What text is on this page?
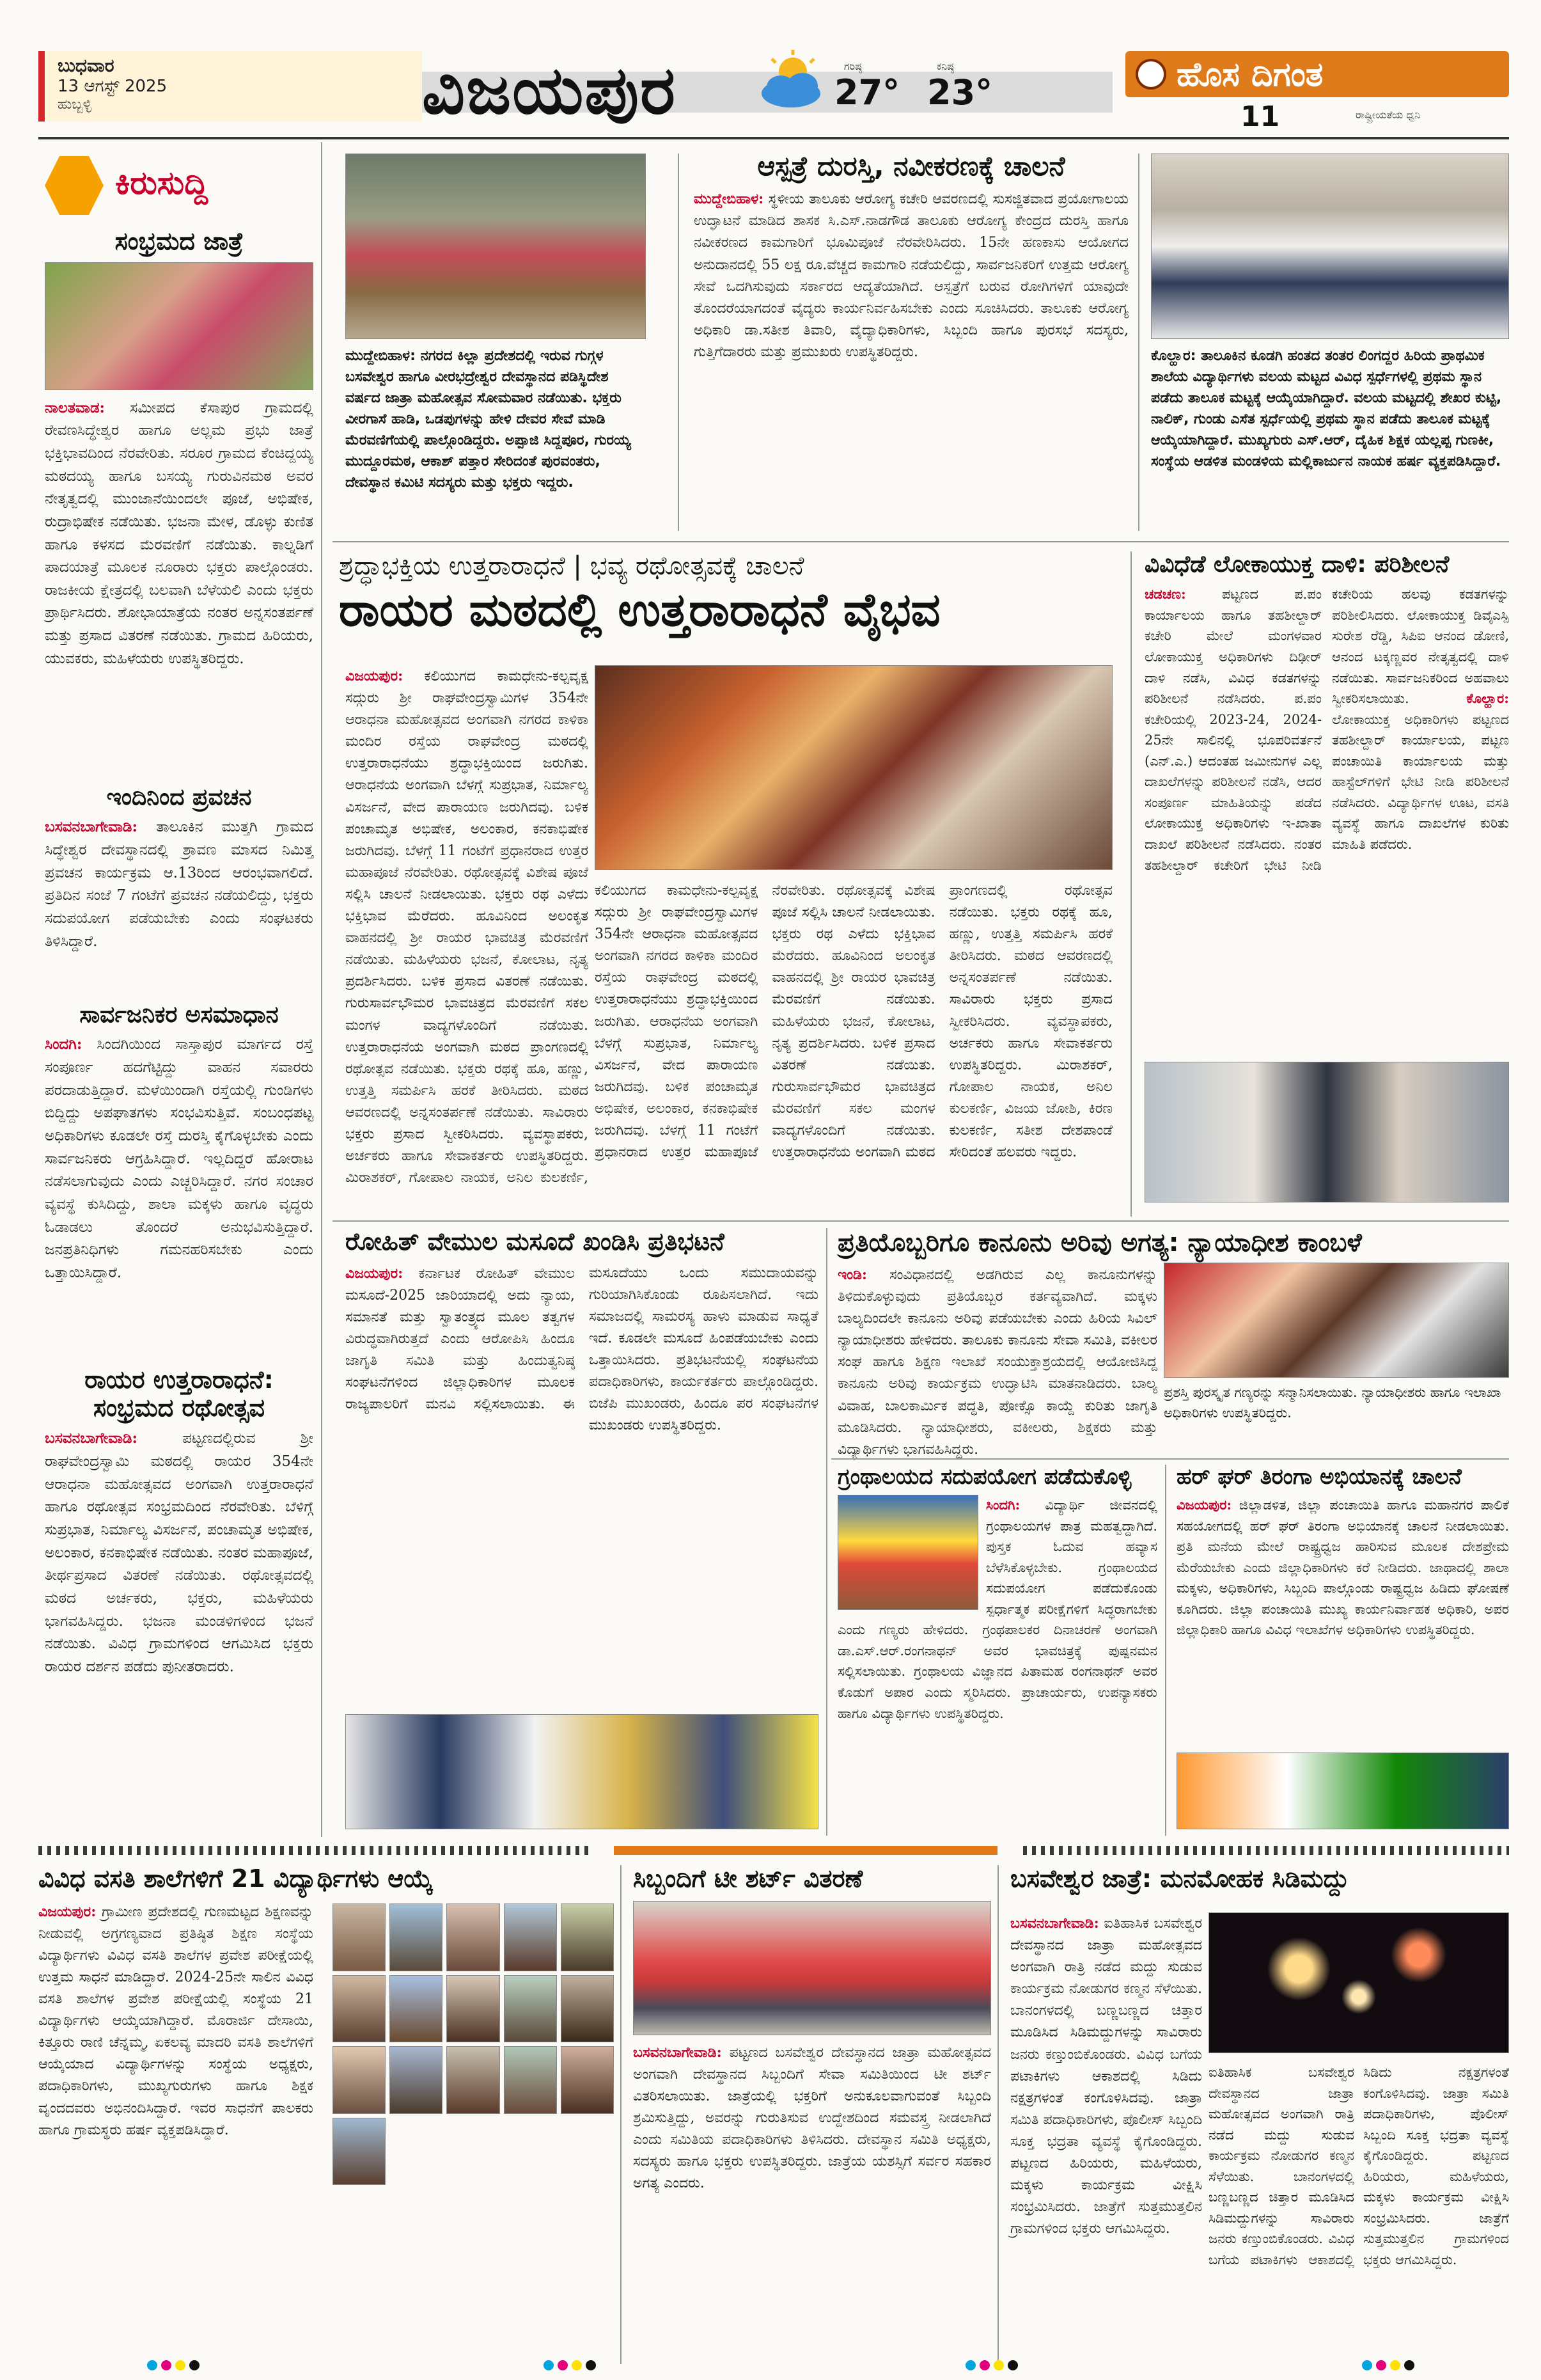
ಬುಧವಾರ
13 ಆಗಸ್ಟ್ 2025
ಹುಬ್ಬಳ್ಳಿ	ವಿಜಯಪುರ	ಗರಿಷ್ಠ
27°
ಕನಿಷ್ಠ
23°	ಹೊಸ ದಿಗಂತ
11	ರಾಷ್ಟ್ರೀಯತೆಯ ಧ್ವನಿ
ಕಿರುಸುದ್ದಿ
ಸಂಭ್ರಮದ ಜಾತ್ರೆ
ನಾಲತವಾಡ: ಸಮೀಪದ ಕೆಸಾಪುರ ಗ್ರಾಮದಲ್ಲಿ ರೇವಣಸಿದ್ಧೇಶ್ವರ ಹಾಗೂ ಅಲ್ಲಮ ಪ್ರಭು ಜಾತ್ರೆ ಭಕ್ತಿಭಾವದಿಂದ ನೆರವೇರಿತು. ಸರೂರ ಗ್ರಾಮದ ಕೆಂಚಿದ್ದಯ್ಯ ಮಠದಯ್ಯ ಹಾಗೂ ಬಸಯ್ಯ ಗುರುವಿನಮಠ ಅವರ ನೇತೃತ್ವದಲ್ಲಿ ಮುಂಜಾನೆಯಿಂದಲೇ ಪೂಜೆ, ಅಭಿಷೇಕ, ರುದ್ರಾಭಿಷೇಕ ನಡೆಯಿತು. ಭಜನಾ ಮೇಳ, ಡೊಳ್ಳು ಕುಣಿತ ಹಾಗೂ ಕಳಸದ ಮೆರವಣಿಗೆ ನಡೆಯಿತು. ಕಾಲ್ನಡಿಗೆ ಪಾದಯಾತ್ರೆ ಮೂಲಕ ನೂರಾರು ಭಕ್ತರು ಪಾಲ್ಗೊಂಡರು. ರಾಜಕೀಯ ಕ್ಷೇತ್ರದಲ್ಲಿ ಬಲವಾಗಿ ಬೆಳೆಯಲಿ ಎಂದು ಭಕ್ತರು ಪ್ರಾರ್ಥಿಸಿದರು. ಶೋಭಾಯಾತ್ರೆಯ ನಂತರ ಅನ್ನಸಂತರ್ಪಣೆ ಮತ್ತು ಪ್ರಸಾದ ವಿತರಣೆ ನಡೆಯಿತು. ಗ್ರಾಮದ ಹಿರಿಯರು, ಯುವಕರು, ಮಹಿಳೆಯರು ಉಪಸ್ಥಿತರಿದ್ದರು.
ಇಂದಿನಿಂದ ಪ್ರವಚನ
ಬಸವನಬಾಗೇವಾಡಿ: ತಾಲೂಕಿನ ಮುತ್ತಗಿ ಗ್ರಾಮದ ಸಿದ್ಧೇಶ್ವರ ದೇವಸ್ಥಾನದಲ್ಲಿ ಶ್ರಾವಣ ಮಾಸದ ನಿಮಿತ್ತ ಪ್ರವಚನ ಕಾರ್ಯಕ್ರಮ ಆ.13ರಿಂದ ಆರಂಭವಾಗಲಿದೆ. ಪ್ರತಿದಿನ ಸಂಜೆ 7 ಗಂಟೆಗೆ ಪ್ರವಚನ ನಡೆಯಲಿದ್ದು, ಭಕ್ತರು ಸದುಪಯೋಗ ಪಡೆಯಬೇಕು ಎಂದು ಸಂಘಟಕರು ತಿಳಿಸಿದ್ದಾರೆ.
ಸಾರ್ವಜನಿಕರ ಅಸಮಾಧಾನ
ಸಿಂದಗಿ: ಸಿಂದಗಿಯಿಂದ ಸಾಸ್ತಾಪುರ ಮಾರ್ಗದ ರಸ್ತೆ ಸಂಪೂರ್ಣ ಹದಗೆಟ್ಟಿದ್ದು ವಾಹನ ಸವಾರರು ಪರದಾಡುತ್ತಿದ್ದಾರೆ. ಮಳೆಯಿಂದಾಗಿ ರಸ್ತೆಯಲ್ಲಿ ಗುಂಡಿಗಳು ಬಿದ್ದಿದ್ದು ಅಪಘಾತಗಳು ಸಂಭವಿಸುತ್ತಿವೆ. ಸಂಬಂಧಪಟ್ಟ ಅಧಿಕಾರಿಗಳು ಕೂಡಲೇ ರಸ್ತೆ ದುರಸ್ತಿ ಕೈಗೊಳ್ಳಬೇಕು ಎಂದು ಸಾರ್ವಜನಿಕರು ಆಗ್ರಹಿಸಿದ್ದಾರೆ. ಇಲ್ಲದಿದ್ದರೆ ಹೋರಾಟ ನಡೆಸಲಾಗುವುದು ಎಂದು ಎಚ್ಚರಿಸಿದ್ದಾರೆ. ನಗರ ಸಂಚಾರ ವ್ಯವಸ್ಥೆ ಕುಸಿದಿದ್ದು, ಶಾಲಾ ಮಕ್ಕಳು ಹಾಗೂ ವೃದ್ಧರು ಓಡಾಡಲು ತೊಂದರೆ ಅನುಭವಿಸುತ್ತಿದ್ದಾರೆ. ಜನಪ್ರತಿನಿಧಿಗಳು ಗಮನಹರಿಸಬೇಕು ಎಂದು ಒತ್ತಾಯಿಸಿದ್ದಾರೆ.
ರಾಯರ ಉತ್ತರಾರಾಧನೆ: ಸಂಭ್ರಮದ ರಥೋತ್ಸವ
ಬಸವನಬಾಗೇವಾಡಿ:	ಪಟ್ಟಣದಲ್ಲಿರುವ ಶ್ರೀ ರಾಘವೇಂದ್ರಸ್ವಾಮಿ ಮಠದಲ್ಲಿ ರಾಯರ 354ನೇ ಆರಾಧನಾ ಮಹೋತ್ಸವದ ಅಂಗವಾಗಿ ಉತ್ತರಾರಾಧನೆ ಹಾಗೂ ರಥೋತ್ಸವ ಸಂಭ್ರಮದಿಂದ ನೆರವೇರಿತು. ಬೆಳಿಗ್ಗೆ ಸುಪ್ರಭಾತ, ನಿರ್ಮಾಲ್ಯ ವಿಸರ್ಜನೆ, ಪಂಚಾಮೃತ ಅಭಿಷೇಕ, ಅಲಂಕಾರ, ಕನಕಾಭಿಷೇಕ ನಡೆಯಿತು. ನಂತರ ಮಹಾಪೂಜೆ, ತೀರ್ಥಪ್ರಸಾದ ವಿತರಣೆ ನಡೆಯಿತು. ರಥೋತ್ಸವದಲ್ಲಿ ಮಠದ ಅರ್ಚಕರು, ಭಕ್ತರು, ಮಹಿಳೆಯರು ಭಾಗವಹಿಸಿದ್ದರು. ಭಜನಾ ಮಂಡಳಿಗಳಿಂದ ಭಜನೆ ನಡೆಯಿತು. ವಿವಿಧ ಗ್ರಾಮಗಳಿಂದ ಆಗಮಿಸಿದ ಭಕ್ತರು ರಾಯರ ದರ್ಶನ ಪಡೆದು ಪುನೀತರಾದರು.
ಮುದ್ದೇಬಿಹಾಳ: ನಗರದ ಕಿಲ್ಲಾ ಪ್ರದೇಶದಲ್ಲಿ ಇರುವ ಗುಗ್ಗಳ ಬಸವೇಶ್ವರ ಹಾಗೂ ವೀರಭದ್ರೇಶ್ವರ ದೇವಸ್ಥಾನದ ಪಡಿಸ್ಥಿದೇಶ ವರ್ಷದ ಜಾತ್ರಾ ಮಹೋತ್ಸವ ಸೋಮವಾರ ನಡೆಯಿತು. ಭಕ್ತರು ವೀರಗಾಸೆ ಹಾಡಿ, ಒಡಪುಗಳನ್ನು ಹೇಳಿ ದೇವರ ಸೇವೆ ಮಾಡಿ ಮೆರವಣಿಗೆಯಲ್ಲಿ ಪಾಲ್ಗೊಂಡಿದ್ದರು. ಅಪ್ಪಾಜಿ ಸಿದ್ದಪೂರ, ಗುರಯ್ಯ ಮುದ್ದೂರಮಠ, ಆಕಾಶ್ ಪತ್ತಾರ ಸೇರಿದಂತೆ ಪುರವಂತರು, ದೇವಸ್ಥಾನ ಕಮಿಟಿ ಸದಸ್ಯರು ಮತ್ತು ಭಕ್ತರು ಇದ್ದರು.
ಆಸ್ಪತ್ರೆ ದುರಸ್ತಿ, ನವೀಕರಣಕ್ಕೆ ಚಾಲನೆ
ಮುದ್ದೇಬಿಹಾಳ: ಸ್ಥಳೀಯ ತಾಲೂಕು ಆರೋಗ್ಯ ಕಚೇರಿ ಆವರಣದಲ್ಲಿ ಸುಸಜ್ಜಿತವಾದ ಪ್ರಯೋಗಾಲಯ ಉದ್ಘಾಟನೆ ಮಾಡಿದ ಶಾಸಕ ಸಿ.ಎಸ್.ನಾಡಗೌಡ ತಾಲೂಕು ಆರೋಗ್ಯ ಕೇಂದ್ರದ ದುರಸ್ತಿ ಹಾಗೂ ನವೀಕರಣದ ಕಾಮಗಾರಿಗೆ ಭೂಮಿಪೂಜೆ ನೆರವೇರಿಸಿದರು. 15ನೇ ಹಣಕಾಸು ಆಯೋಗದ ಅನುದಾನದಲ್ಲಿ 55 ಲಕ್ಷ ರೂ.ವೆಚ್ಚದ ಕಾಮಗಾರಿ ನಡೆಯಲಿದ್ದು, ಸಾರ್ವಜನಿಕರಿಗೆ ಉತ್ತಮ ಆರೋಗ್ಯ ಸೇವೆ ಒದಗಿಸುವುದು ಸರ್ಕಾರದ ಆದ್ಯತೆಯಾಗಿದೆ. ಆಸ್ಪತ್ರೆಗೆ ಬರುವ ರೋಗಿಗಳಿಗೆ ಯಾವುದೇ ತೊಂದರೆಯಾಗದಂತೆ ವೈದ್ಯರು ಕಾರ್ಯನಿರ್ವಹಿಸಬೇಕು ಎಂದು ಸೂಚಿಸಿದರು. ತಾಲೂಕು ಆರೋಗ್ಯ ಅಧಿಕಾರಿ ಡಾ.ಸತೀಶ ತಿವಾರಿ, ವೈದ್ಯಾಧಿಕಾರಿಗಳು, ಸಿಬ್ಬಂದಿ ಹಾಗೂ ಪುರಸಭೆ ಸದಸ್ಯರು, ಗುತ್ತಿಗೆದಾರರು ಮತ್ತು ಪ್ರಮುಖರು ಉಪಸ್ಥಿತರಿದ್ದರು.	ಕೊಲ್ಹಾರ: ತಾಲೂಕಿನ ಕೂಡಗಿ ಹಂತದ ತಂತರ ಲಿಂಗದ್ದರ ಹಿರಿಯ ಪ್ರಾಥಮಿಕ ಶಾಲೆಯ ವಿದ್ಯಾರ್ಥಿಗಳು ವಲಯ ಮಟ್ಟದ ವಿವಿಧ ಸ್ಪರ್ಧೆಗಳಲ್ಲಿ ಪ್ರಥಮ ಸ್ಥಾನ ಪಡೆದು ತಾಲೂಕ ಮಟ್ಟಕ್ಕೆ ಆಯ್ಕೆಯಾಗಿದ್ದಾರೆ. ವಲಯ ಮಟ್ಟದಲ್ಲಿ ಶೇಖರ ಕುಟ್ಟಿ, ನಾಲಿಕ್, ಗುಂಡು ಎಸೆತ ಸ್ಪರ್ಧೆಯಲ್ಲಿ ಪ್ರಥಮ ಸ್ಥಾನ ಪಡೆದು ತಾಲೂಕ ಮಟ್ಟಕ್ಕೆ ಆಯ್ಕೆಯಾಗಿದ್ದಾರೆ. ಮುಖ್ಯಗುರು ಎಸ್.ಆರ್, ದೈಹಿಕ ಶಿಕ್ಷಕ ಯಲ್ಲಪ್ಪ ಗುಣಕೀ, ಸಂಸ್ಥೆಯ ಆಡಳಿತ ಮಂಡಳಿಯ ಮಲ್ಲಿಕಾರ್ಜುನ ನಾಯಕ ಹರ್ಷ ವ್ಯಕ್ತಪಡಿಸಿದ್ದಾರೆ.
ಶ್ರದ್ಧಾಭಕ್ತಿಯ ಉತ್ತರಾರಾಧನೆ | ಭವ್ಯ ರಥೋತ್ಸವಕ್ಕೆ ಚಾಲನೆ
ರಾಯರ ಮಠದಲ್ಲಿ ಉತ್ತರಾರಾಧನೆ ವೈಭವ
ವಿಜಯಪುರ: ಕಲಿಯುಗದ ಕಾಮಧೇನು-ಕಲ್ಪವೃಕ್ಷ ಸದ್ಗುರು ಶ್ರೀ ರಾಘವೇಂದ್ರಸ್ವಾಮಿಗಳ 354ನೇ ಆರಾಧನಾ ಮಹೋತ್ಸವದ ಅಂಗವಾಗಿ ನಗರದ ಕಾಳಿಕಾ ಮಂದಿರ ರಸ್ತೆಯ ರಾಘವೇಂದ್ರ ಮಠದಲ್ಲಿ ಉತ್ತರಾರಾಧನೆಯು ಶ್ರದ್ಧಾಭಕ್ತಿಯಿಂದ ಜರುಗಿತು. ಆರಾಧನೆಯ ಅಂಗವಾಗಿ ಬೆಳಗ್ಗೆ ಸುಪ್ರಭಾತ, ನಿರ್ಮಾಲ್ಯ ವಿಸರ್ಜನೆ, ವೇದ ಪಾರಾಯಣ ಜರುಗಿದವು. ಬಳಿಕ ಪಂಚಾಮೃತ ಅಭಿಷೇಕ, ಅಲಂಕಾರ, ಕನಕಾಭಿಷೇಕ ಜರುಗಿದವು. ಬೆಳಗ್ಗೆ 11 ಗಂಟೆಗೆ ಪ್ರಧಾನರಾದ ಉತ್ತರ ಮಹಾಪೂಜೆ ನೆರವೇರಿತು. ರಥೋತ್ಸವಕ್ಕೆ ವಿಶೇಷ ಪೂಜೆ ಸಲ್ಲಿಸಿ ಚಾಲನೆ ನೀಡಲಾಯಿತು. ಭಕ್ತರು ರಥ ಎಳೆದು ಭಕ್ತಿಭಾವ ಮೆರೆದರು. ಹೂವಿನಿಂದ ಅಲಂಕೃತ ವಾಹನದಲ್ಲಿ ಶ್ರೀ ರಾಯರ ಭಾವಚಿತ್ರ ಮೆರವಣಿಗೆ ನಡೆಯಿತು. ಮಹಿಳೆಯರು ಭಜನೆ, ಕೋಲಾಟ, ನೃತ್ಯ ಪ್ರದರ್ಶಿಸಿದರು. ಬಳಿಕ ಪ್ರಸಾದ ವಿತರಣೆ ನಡೆಯಿತು. ಗುರುಸಾರ್ವಭೌಮರ ಭಾವಚಿತ್ರದ ಮೆರವಣಿಗೆ ಸಕಲ ಮಂಗಳ ವಾದ್ಯಗಳೊಂದಿಗೆ ನಡೆಯಿತು. ಉತ್ತರಾರಾಧನೆಯ ಅಂಗವಾಗಿ ಮಠದ ಪ್ರಾಂಗಣದಲ್ಲಿ ರಥೋತ್ಸವ ನಡೆಯಿತು. ಭಕ್ತರು ರಥಕ್ಕೆ ಹೂ, ಹಣ್ಣು, ಉತ್ತತ್ತಿ ಸಮರ್ಪಿಸಿ ಹರಕೆ ತೀರಿಸಿದರು. ಮಠದ ಆವರಣದಲ್ಲಿ ಅನ್ನಸಂತರ್ಪಣೆ ನಡೆಯಿತು. ಸಾವಿರಾರು ಭಕ್ತರು ಪ್ರಸಾದ ಸ್ವೀಕರಿಸಿದರು. ವ್ಯವಸ್ಥಾಪಕರು, ಅರ್ಚಕರು ಹಾಗೂ ಸೇವಾಕರ್ತರು ಉಪಸ್ಥಿತರಿದ್ದರು. ಮಿರಾಶಕರ್, ಗೋಪಾಲ ನಾಯಕ, ಅನಿಲ ಕುಲಕರ್ಣಿ,
ಕಲಿಯುಗದ ಕಾಮಧೇನು-ಕಲ್ಪವೃಕ್ಷ ಸದ್ಗುರು ಶ್ರೀ ರಾಘವೇಂದ್ರಸ್ವಾಮಿಗಳ 354ನೇ ಆರಾಧನಾ ಮಹೋತ್ಸವದ ಅಂಗವಾಗಿ ನಗರದ ಕಾಳಿಕಾ ಮಂದಿರ ರಸ್ತೆಯ ರಾಘವೇಂದ್ರ ಮಠದಲ್ಲಿ ಉತ್ತರಾರಾಧನೆಯು ಶ್ರದ್ಧಾಭಕ್ತಿಯಿಂದ ಜರುಗಿತು. ಆರಾಧನೆಯ ಅಂಗವಾಗಿ ಬೆಳಗ್ಗೆ ಸುಪ್ರಭಾತ, ನಿರ್ಮಾಲ್ಯ ವಿಸರ್ಜನೆ, ವೇದ ಪಾರಾಯಣ ಜರುಗಿದವು. ಬಳಿಕ ಪಂಚಾಮೃತ ಅಭಿಷೇಕ, ಅಲಂಕಾರ, ಕನಕಾಭಿಷೇಕ ಜರುಗಿದವು. ಬೆಳಗ್ಗೆ 11 ಗಂಟೆಗೆ ಪ್ರಧಾನರಾದ ಉತ್ತರ ಮಹಾಪೂಜೆ ನೆರವೇರಿತು. ರಥೋತ್ಸವಕ್ಕೆ ವಿಶೇಷ ಪೂಜೆ ಸಲ್ಲಿಸಿ ಚಾಲನೆ ನೀಡಲಾಯಿತು. ಭಕ್ತರು ರಥ ಎಳೆದು ಭಕ್ತಿಭಾವ ಮೆರೆದರು. ಹೂವಿನಿಂದ ಅಲಂಕೃತ ವಾಹನದಲ್ಲಿ ಶ್ರೀ ರಾಯರ ಭಾವಚಿತ್ರ ಮೆರವಣಿಗೆ ನಡೆಯಿತು. ಮಹಿಳೆಯರು ಭಜನೆ, ಕೋಲಾಟ, ನೃತ್ಯ ಪ್ರದರ್ಶಿಸಿದರು. ಬಳಿಕ ಪ್ರಸಾದ ವಿತರಣೆ ನಡೆಯಿತು. ಗುರುಸಾರ್ವಭೌಮರ ಭಾವಚಿತ್ರದ ಮೆರವಣಿಗೆ ಸಕಲ ಮಂಗಳ ವಾದ್ಯಗಳೊಂದಿಗೆ ನಡೆಯಿತು. ಉತ್ತರಾರಾಧನೆಯ ಅಂಗವಾಗಿ ಮಠದ ಪ್ರಾಂಗಣದಲ್ಲಿ ರಥೋತ್ಸವ ನಡೆಯಿತು. ಭಕ್ತರು ರಥಕ್ಕೆ ಹೂ, ಹಣ್ಣು, ಉತ್ತತ್ತಿ ಸಮರ್ಪಿಸಿ ಹರಕೆ ತೀರಿಸಿದರು. ಮಠದ ಆವರಣದಲ್ಲಿ ಅನ್ನಸಂತರ್ಪಣೆ ನಡೆಯಿತು. ಸಾವಿರಾರು ಭಕ್ತರು ಪ್ರಸಾದ ಸ್ವೀಕರಿಸಿದರು. ವ್ಯವಸ್ಥಾಪಕರು, ಅರ್ಚಕರು ಹಾಗೂ ಸೇವಾಕರ್ತರು ಉಪಸ್ಥಿತರಿದ್ದರು. ಮಿರಾಶಕರ್, ಗೋಪಾಲ ನಾಯಕ, ಅನಿಲ ಕುಲಕರ್ಣಿ, ವಿಜಯ ಜೋಶಿ, ಕಿರಣ ಕುಲಕರ್ಣಿ, ಸತೀಶ ದೇಶಪಾಂಡೆ ಸೇರಿದಂತೆ ಹಲವರು ಇದ್ದರು.
ವಿವಿಧೆಡೆ ಲೋಕಾಯುಕ್ತ ದಾಳಿ: ಪರಿಶೀಲನೆ
ಚಡಚಣ:	ಪಟ್ಟಣದ ಪ.ಪಂ ಕಾರ್ಯಾಲಯ ಹಾಗೂ ತಹಶೀಲ್ದಾರ್ ಕಚೇರಿ ಮೇಲೆ ಮಂಗಳವಾರ ಲೋಕಾಯುಕ್ತ ಅಧಿಕಾರಿಗಳು ದಿಢೀರ್ ದಾಳಿ ನಡೆಸಿ, ವಿವಿಧ ಕಡತಗಳನ್ನು ಪರಿಶೀಲನೆ ನಡೆಸಿದರು. ಪ.ಪಂ ಕಚೇರಿಯಲ್ಲಿ 2023-24, 2024-25ನೇ ಸಾಲಿನಲ್ಲಿ ಭೂಪರಿವರ್ತನೆ (ಎನ್.ಎ.) ಆದಂತಹ ಜಮೀನುಗಳ ಎಲ್ಲ ದಾಖಲೆಗಳನ್ನು ಪರಿಶೀಲನೆ ನಡೆಸಿ, ಆದರ ಸಂಪೂರ್ಣ ಮಾಹಿತಿಯನ್ನು ಪಡೆದ ಲೋಕಾಯುಕ್ತ ಅಧಿಕಾರಿಗಳು ಇ-ಖಾತಾ ದಾಖಲೆ ಪರಿಶೀಲನೆ ನಡೆಸಿದರು. ನಂತರ ತಹಶೀಲ್ದಾರ್ ಕಚೇರಿಗೆ ಭೇಟಿ ನೀಡಿ ಕಚೇರಿಯ ಹಲವು ಕಡತಗಳನ್ನು ಪರಿಶೀಲಿಸಿದರು. ಲೋಕಾಯುಕ್ತ ಡಿವೈಎಸ್ಪಿ ಸುರೇಶ ರೆಡ್ಡಿ, ಸಿಪಿಐ ಆನಂದ ಡೋಣಿ, ಆನಂದ ಟಕ್ಕಣ್ಣವರ ನೇತೃತ್ವದಲ್ಲಿ ದಾಳಿ ನಡೆಯಿತು. ಸಾರ್ವಜನಿಕರಿಂದ ಅಹವಾಲು ಸ್ವೀಕರಿಸಲಾಯಿತು.	ಕೊಲ್ಹಾರ: ಲೋಕಾಯುಕ್ತ ಅಧಿಕಾರಿಗಳು ಪಟ್ಟಣದ ತಹಶೀಲ್ದಾರ್ ಕಾರ್ಯಾಲಯ, ಪಟ್ಟಣ ಪಂಚಾಯಿತಿ ಕಾರ್ಯಾಲಯ ಮತ್ತು ಹಾಸ್ಟೆಲ್‌ಗಳಿಗೆ ಭೇಟಿ ನೀಡಿ ಪರಿಶೀಲನೆ ನಡೆಸಿದರು. ವಿದ್ಯಾರ್ಥಿಗಳ ಊಟ, ವಸತಿ ವ್ಯವಸ್ಥೆ ಹಾಗೂ ದಾಖಲೆಗಳ ಕುರಿತು ಮಾಹಿತಿ ಪಡೆದರು.
ರೋಹಿತ್ ವೇಮುಲ ಮಸೂದೆ ಖಂಡಿಸಿ ಪ್ರತಿಭಟನೆ
ವಿಜಯಪುರ: ಕರ್ನಾಟಕ ರೋಹಿತ್ ವೇಮುಲ ಮಸೂದೆ-2025 ಜಾರಿಯಾದಲ್ಲಿ ಅದು ನ್ಯಾಯ, ಸಮಾನತೆ ಮತ್ತು ಸ್ವಾತಂತ್ರ್ಯದ ಮೂಲ ತತ್ವಗಳ ವಿರುದ್ಧವಾಗಿರುತ್ತದೆ ಎಂದು ಆರೋಪಿಸಿ ಹಿಂದೂ ಜಾಗೃತಿ ಸಮಿತಿ ಮತ್ತು ಹಿಂದುತ್ವನಿಷ್ಠ ಸಂಘಟನೆಗಳಿಂದ ಜಿಲ್ಲಾಧಿಕಾರಿಗಳ ಮೂಲಕ ರಾಜ್ಯಪಾಲರಿಗೆ ಮನವಿ ಸಲ್ಲಿಸಲಾಯಿತು. ಈ ಮಸೂದೆಯು ಒಂದು ಸಮುದಾಯವನ್ನು ಗುರಿಯಾಗಿಸಿಕೊಂಡು ರೂಪಿಸಲಾಗಿದೆ. ಇದು ಸಮಾಜದಲ್ಲಿ ಸಾಮರಸ್ಯ ಹಾಳು ಮಾಡುವ ಸಾಧ್ಯತೆ ಇದೆ. ಕೂಡಲೇ ಮಸೂದೆ ಹಿಂಪಡೆಯಬೇಕು ಎಂದು ಒತ್ತಾಯಿಸಿದರು. ಪ್ರತಿಭಟನೆಯಲ್ಲಿ ಸಂಘಟನೆಯ ಪದಾಧಿಕಾರಿಗಳು, ಕಾರ್ಯಕರ್ತರು ಪಾಲ್ಗೊಂಡಿದ್ದರು. ಬಿಜೆಪಿ ಮುಖಂಡರು, ಹಿಂದೂ ಪರ ಸಂಘಟನೆಗಳ ಮುಖಂಡರು ಉಪಸ್ಥಿತರಿದ್ದರು.
ಪ್ರತಿಯೊಬ್ಬರಿಗೂ ಕಾನೂನು ಅರಿವು ಅಗತ್ಯ: ನ್ಯಾಯಾಧೀಶ ಕಾಂಬಳೆ
ಇಂಡಿ: ಸಂವಿಧಾನದಲ್ಲಿ ಅಡಗಿರುವ ಎಲ್ಲ ಕಾನೂನುಗಳನ್ನು ತಿಳಿದುಕೊಳ್ಳುವುದು ಪ್ರತಿಯೊಬ್ಬರ ಕರ್ತವ್ಯವಾಗಿದೆ. ಮಕ್ಕಳು ಬಾಲ್ಯದಿಂದಲೇ ಕಾನೂನು ಅರಿವು ಪಡೆಯಬೇಕು ಎಂದು ಹಿರಿಯ ಸಿವಿಲ್ ನ್ಯಾಯಾಧೀಶರು ಹೇಳಿದರು. ತಾಲೂಕು ಕಾನೂನು ಸೇವಾ ಸಮಿತಿ, ವಕೀಲರ ಸಂಘ ಹಾಗೂ ಶಿಕ್ಷಣ ಇಲಾಖೆ ಸಂಯುಕ್ತಾಶ್ರಯದಲ್ಲಿ ಆಯೋಜಿಸಿದ್ದ ಕಾನೂನು ಅರಿವು ಕಾರ್ಯಕ್ರಮ ಉದ್ಘಾಟಿಸಿ ಮಾತನಾಡಿದರು. ಬಾಲ್ಯ ವಿವಾಹ, ಬಾಲಕಾರ್ಮಿಕ ಪದ್ಧತಿ, ಪೋಕ್ಸೊ ಕಾಯ್ದೆ ಕುರಿತು ಜಾಗೃತಿ ಮೂಡಿಸಿದರು. ನ್ಯಾಯಾಧೀಶರು, ವಕೀಲರು, ಶಿಕ್ಷಕರು ಮತ್ತು ವಿದ್ಯಾರ್ಥಿಗಳು ಭಾಗವಹಿಸಿದ್ದರು.
ಪ್ರಶಸ್ತಿ ಪುರಸ್ಕೃತ ಗಣ್ಯರನ್ನು ಸನ್ಮಾನಿಸಲಾಯಿತು. ನ್ಯಾಯಾಧೀಶರು ಹಾಗೂ ಇಲಾಖಾ ಅಧಿಕಾರಿಗಳು ಉಪಸ್ಥಿತರಿದ್ದರು.
ಗ್ರಂಥಾಲಯದ ಸದುಪಯೋಗ ಪಡೆದುಕೊಳ್ಳಿ
ಸಿಂದಗಿ: ವಿದ್ಯಾರ್ಥಿ ಜೀವನದಲ್ಲಿ ಗ್ರಂಥಾಲಯಗಳ ಪಾತ್ರ ಮಹತ್ವದ್ದಾಗಿದೆ. ಪುಸ್ತಕ ಓದುವ ಹವ್ಯಾಸ ಬೆಳೆಸಿಕೊಳ್ಳಬೇಕು. ಗ್ರಂಥಾಲಯದ ಸದುಪಯೋಗ ಪಡೆದುಕೊಂಡು ಸ್ಪರ್ಧಾತ್ಮಕ ಪರೀಕ್ಷೆಗಳಿಗೆ ಸಿದ್ಧರಾಗಬೇಕು ಎಂದು ಗಣ್ಯರು ಹೇಳಿದರು. ಗ್ರಂಥಪಾಲಕರ ದಿನಾಚರಣೆ ಅಂಗವಾಗಿ ಡಾ.ಎಸ್.ಆರ್.ರಂಗನಾಥನ್ ಅವರ ಭಾವಚಿತ್ರಕ್ಕೆ ಪುಷ್ಪನಮನ ಸಲ್ಲಿಸಲಾಯಿತು. ಗ್ರಂಥಾಲಯ ವಿಜ್ಞಾನದ ಪಿತಾಮಹ ರಂಗನಾಥನ್ ಅವರ ಕೊಡುಗೆ ಅಪಾರ ಎಂದು ಸ್ಮರಿಸಿದರು. ಪ್ರಾಚಾರ್ಯರು, ಉಪನ್ಯಾಸಕರು ಹಾಗೂ ವಿದ್ಯಾರ್ಥಿಗಳು ಉಪಸ್ಥಿತರಿದ್ದರು.
ಹರ್ ಘರ್ ತಿರಂಗಾ ಅಭಿಯಾನಕ್ಕೆ ಚಾಲನೆ
ವಿಜಯಪುರ: ಜಿಲ್ಲಾಡಳಿತ, ಜಿಲ್ಲಾ ಪಂಚಾಯಿತಿ ಹಾಗೂ ಮಹಾನಗರ ಪಾಲಿಕೆ ಸಹಯೋಗದಲ್ಲಿ ಹರ್ ಘರ್ ತಿರಂಗಾ ಅಭಿಯಾನಕ್ಕೆ ಚಾಲನೆ ನೀಡಲಾಯಿತು. ಪ್ರತಿ ಮನೆಯ ಮೇಲೆ ರಾಷ್ಟ್ರಧ್ವಜ ಹಾರಿಸುವ ಮೂಲಕ ದೇಶಪ್ರೇಮ ಮೆರೆಯಬೇಕು ಎಂದು ಜಿಲ್ಲಾಧಿಕಾರಿಗಳು ಕರೆ ನೀಡಿದರು. ಜಾಥಾದಲ್ಲಿ ಶಾಲಾ ಮಕ್ಕಳು, ಅಧಿಕಾರಿಗಳು, ಸಿಬ್ಬಂದಿ ಪಾಲ್ಗೊಂಡು ರಾಷ್ಟ್ರಧ್ವಜ ಹಿಡಿದು ಘೋಷಣೆ ಕೂಗಿದರು. ಜಿಲ್ಲಾ ಪಂಚಾಯಿತಿ ಮುಖ್ಯ ಕಾರ್ಯನಿರ್ವಾಹಕ ಅಧಿಕಾರಿ, ಅಪರ ಜಿಲ್ಲಾಧಿಕಾರಿ ಹಾಗೂ ವಿವಿಧ ಇಲಾಖೆಗಳ ಅಧಿಕಾರಿಗಳು ಉಪಸ್ಥಿತರಿದ್ದರು.
ವಿವಿಧ ವಸತಿ ಶಾಲೆಗಳಿಗೆ 21 ವಿದ್ಯಾರ್ಥಿಗಳು ಆಯ್ಕೆ
ವಿಜಯಪುರ: ಗ್ರಾಮೀಣ ಪ್ರದೇಶದಲ್ಲಿ ಗುಣಮಟ್ಟದ ಶಿಕ್ಷಣವನ್ನು ನೀಡುವಲ್ಲಿ ಅಗ್ರಗಣ್ಯವಾದ ಪ್ರತಿಷ್ಠಿತ ಶಿಕ್ಷಣ ಸಂಸ್ಥೆಯ ವಿದ್ಯಾರ್ಥಿಗಳು ವಿವಿಧ ವಸತಿ ಶಾಲೆಗಳ ಪ್ರವೇಶ ಪರೀಕ್ಷೆಯಲ್ಲಿ ಉತ್ತಮ ಸಾಧನೆ ಮಾಡಿದ್ದಾರೆ. 2024-25ನೇ ಸಾಲಿನ ವಿವಿಧ ವಸತಿ ಶಾಲೆಗಳ ಪ್ರವೇಶ ಪರೀಕ್ಷೆಯಲ್ಲಿ ಸಂಸ್ಥೆಯ 21 ವಿದ್ಯಾರ್ಥಿಗಳು ಆಯ್ಕೆಯಾಗಿದ್ದಾರೆ. ಮೊರಾರ್ಜಿ ದೇಸಾಯಿ, ಕಿತ್ತೂರು ರಾಣಿ ಚೆನ್ನಮ್ಮ, ಏಕಲವ್ಯ ಮಾದರಿ ವಸತಿ ಶಾಲೆಗಳಿಗೆ ಆಯ್ಕೆಯಾದ ವಿದ್ಯಾರ್ಥಿಗಳನ್ನು ಸಂಸ್ಥೆಯ ಅಧ್ಯಕ್ಷರು, ಪದಾಧಿಕಾರಿಗಳು, ಮುಖ್ಯಗುರುಗಳು ಹಾಗೂ ಶಿಕ್ಷಕ ವೃಂದದವರು ಅಭಿನಂದಿಸಿದ್ದಾರೆ. ಇವರ ಸಾಧನೆಗೆ ಪಾಲಕರು ಹಾಗೂ ಗ್ರಾಮಸ್ಥರು ಹರ್ಷ ವ್ಯಕ್ತಪಡಿಸಿದ್ದಾರೆ.
ಸಿಬ್ಬಂದಿಗೆ ಟೀ ಶರ್ಟ್ ವಿತರಣೆ
ಬಸವನಬಾಗೇವಾಡಿ: ಪಟ್ಟಣದ ಬಸವೇಶ್ವರ ದೇವಸ್ಥಾನದ ಜಾತ್ರಾ ಮಹೋತ್ಸವದ ಅಂಗವಾಗಿ ದೇವಸ್ಥಾನದ ಸಿಬ್ಬಂದಿಗೆ ಸೇವಾ ಸಮಿತಿಯಿಂದ ಟೀ ಶರ್ಟ್ ವಿತರಿಸಲಾಯಿತು. ಜಾತ್ರೆಯಲ್ಲಿ ಭಕ್ತರಿಗೆ ಅನುಕೂಲವಾಗುವಂತೆ ಸಿಬ್ಬಂದಿ ಶ್ರಮಿಸುತ್ತಿದ್ದು, ಅವರನ್ನು ಗುರುತಿಸುವ ಉದ್ದೇಶದಿಂದ ಸಮವಸ್ತ್ರ ನೀಡಲಾಗಿದೆ ಎಂದು ಸಮಿತಿಯ ಪದಾಧಿಕಾರಿಗಳು ತಿಳಿಸಿದರು. ದೇವಸ್ಥಾನ ಸಮಿತಿ ಅಧ್ಯಕ್ಷರು, ಸದಸ್ಯರು ಹಾಗೂ ಭಕ್ತರು ಉಪಸ್ಥಿತರಿದ್ದರು. ಜಾತ್ರೆಯ ಯಶಸ್ಸಿಗೆ ಸರ್ವರ ಸಹಕಾರ ಅಗತ್ಯ ಎಂದರು.
ಬಸವೇಶ್ವರ ಜಾತ್ರೆ: ಮನಮೋಹಕ ಸಿಡಿಮದ್ದು
ಬಸವನಬಾಗೇವಾಡಿ: ಐತಿಹಾಸಿಕ ಬಸವೇಶ್ವರ ದೇವಸ್ಥಾನದ ಜಾತ್ರಾ ಮಹೋತ್ಸವದ ಅಂಗವಾಗಿ ರಾತ್ರಿ ನಡೆದ ಮದ್ದು ಸುಡುವ ಕಾರ್ಯಕ್ರಮ ನೋಡುಗರ ಕಣ್ಮನ ಸೆಳೆಯಿತು. ಬಾನಂಗಳದಲ್ಲಿ ಬಣ್ಣಬಣ್ಣದ ಚಿತ್ತಾರ ಮೂಡಿಸಿದ ಸಿಡಿಮದ್ದುಗಳನ್ನು ಸಾವಿರಾರು ಜನರು ಕಣ್ತುಂಬಿಕೊಂಡರು. ವಿವಿಧ ಬಗೆಯ ಪಟಾಕಿಗಳು ಆಕಾಶದಲ್ಲಿ ಸಿಡಿದು ನಕ್ಷತ್ರಗಳಂತೆ ಕಂಗೊಳಿಸಿದವು. ಜಾತ್ರಾ ಸಮಿತಿ ಪದಾಧಿಕಾರಿಗಳು, ಪೊಲೀಸ್ ಸಿಬ್ಬಂದಿ ಸೂಕ್ತ ಭದ್ರತಾ ವ್ಯವಸ್ಥೆ ಕೈಗೊಂಡಿದ್ದರು. ಪಟ್ಟಣದ ಹಿರಿಯರು, ಮಹಿಳೆಯರು, ಮಕ್ಕಳು ಕಾರ್ಯಕ್ರಮ ವೀಕ್ಷಿಸಿ ಸಂಭ್ರಮಿಸಿದರು. ಜಾತ್ರೆಗೆ ಸುತ್ತಮುತ್ತಲಿನ ಗ್ರಾಮಗಳಿಂದ ಭಕ್ತರು ಆಗಮಿಸಿದ್ದರು.
ಐತಿಹಾಸಿಕ ಬಸವೇಶ್ವರ ದೇವಸ್ಥಾನದ ಜಾತ್ರಾ ಮಹೋತ್ಸವದ ಅಂಗವಾಗಿ ರಾತ್ರಿ ನಡೆದ ಮದ್ದು ಸುಡುವ ಕಾರ್ಯಕ್ರಮ ನೋಡುಗರ ಕಣ್ಮನ ಸೆಳೆಯಿತು. ಬಾನಂಗಳದಲ್ಲಿ ಬಣ್ಣಬಣ್ಣದ ಚಿತ್ತಾರ ಮೂಡಿಸಿದ ಸಿಡಿಮದ್ದುಗಳನ್ನು ಸಾವಿರಾರು ಜನರು ಕಣ್ತುಂಬಿಕೊಂಡರು. ವಿವಿಧ ಬಗೆಯ ಪಟಾಕಿಗಳು ಆಕಾಶದಲ್ಲಿ ಸಿಡಿದು ನಕ್ಷತ್ರಗಳಂತೆ ಕಂಗೊಳಿಸಿದವು. ಜಾತ್ರಾ ಸಮಿತಿ ಪದಾಧಿಕಾರಿಗಳು, ಪೊಲೀಸ್ ಸಿಬ್ಬಂದಿ ಸೂಕ್ತ ಭದ್ರತಾ ವ್ಯವಸ್ಥೆ ಕೈಗೊಂಡಿದ್ದರು. ಪಟ್ಟಣದ ಹಿರಿಯರು, ಮಹಿಳೆಯರು, ಮಕ್ಕಳು ಕಾರ್ಯಕ್ರಮ ವೀಕ್ಷಿಸಿ ಸಂಭ್ರಮಿಸಿದರು. ಜಾತ್ರೆಗೆ ಸುತ್ತಮುತ್ತಲಿನ ಗ್ರಾಮಗಳಿಂದ ಭಕ್ತರು ಆಗಮಿಸಿದ್ದರು.
